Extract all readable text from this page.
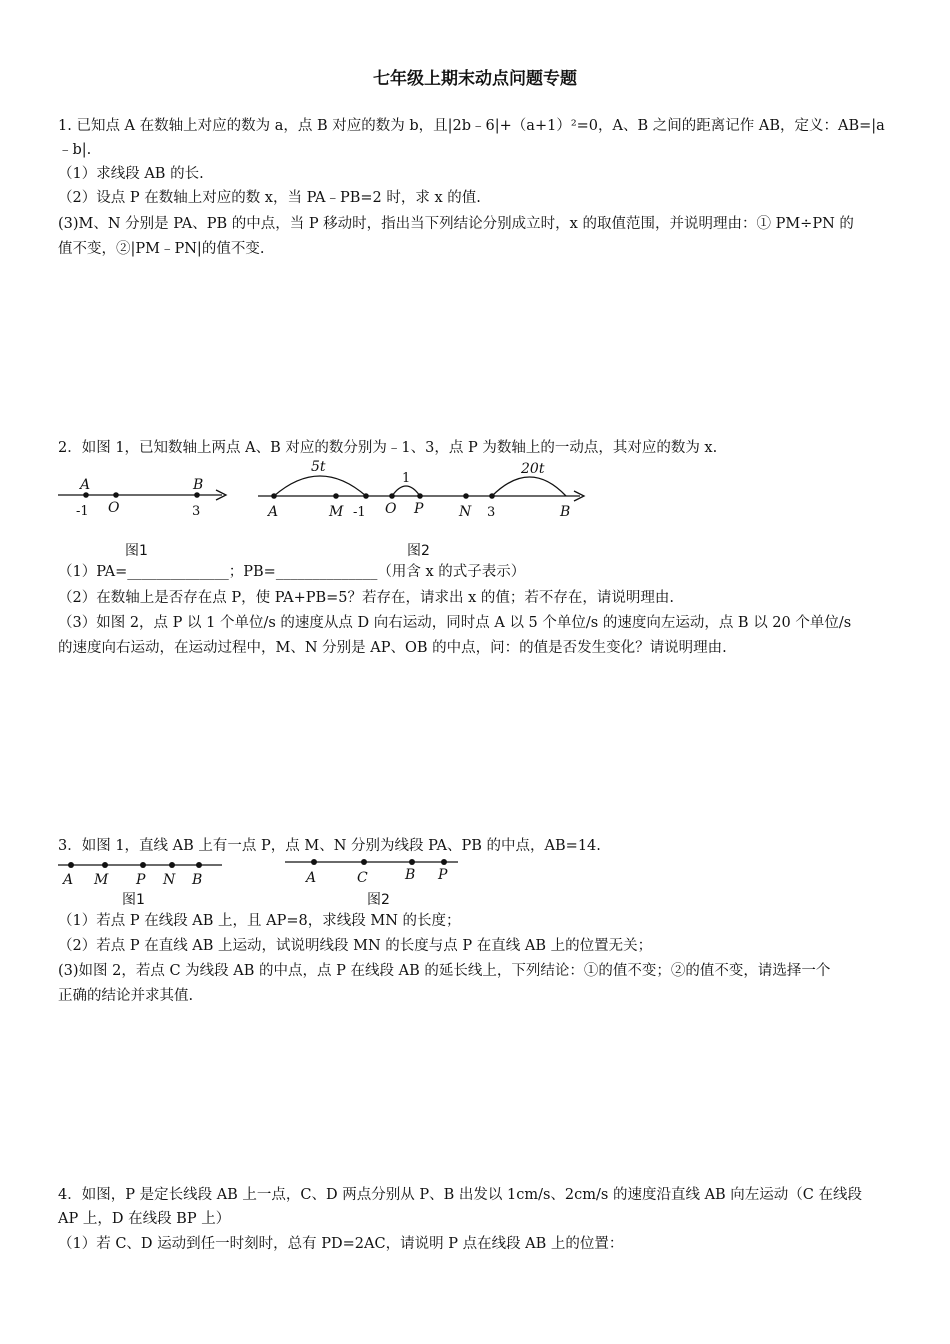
七年级上期末动点问题专题
1. 已知点 A 在数轴上对应的数为 a，点 B 对应的数为 b，且|2b﹣6|+（a+1）²=0，A、B 之间的距离记作 AB，定义：AB=|a
﹣b|.
（1）求线段 AB 的长.
（2）设点 P 在数轴上对应的数 x，当 PA﹣PB=2 时，求 x 的值.
(3)M、N 分别是 PA、PB 的中点，当 P 移动时，指出当下列结论分别成立时，x 的取值范围，并说明理由：① PM÷PN 的
值不变，②|PM﹣PN|的值不变.
2．如图 1，已知数轴上两点 A、B 对应的数分别为﹣1、3，点 P 为数轴上的一动点，其对应的数为 x.
A
O
B
-1	3
图1
5t
1
20t
A	M -1 O P	N 3	B
图2
（1）PA=______________；PB=______________（用含 x 的式子表示）
（2）在数轴上是否存在点 P，使 PA+PB=5？若存在，请求出 x 的值；若不存在，请说明理由.
（3）如图 2，点 P 以 1 个单位/s 的速度从点 D 向右运动，同时点 A 以 5 个单位/s 的速度向左运动，点 B 以 20 个单位/s
的速度向右运动，在运动过程中，M、N 分别是 AP、OB 的中点，问：的值是否发生变化？请说明理由.
3．如图 1，直线 AB 上有一点 P，点 M、N 分别为线段 PA、PB 的中点，AB=14.
A M P N B
图1
A	C	B P
图2
（1）若点 P 在线段 AB 上，且 AP=8，求线段 MN 的长度；
（2）若点 P 在直线 AB 上运动，试说明线段 MN 的长度与点 P 在直线 AB 上的位置无关；
(3)如图 2，若点 C 为线段 AB 的中点，点 P 在线段 AB 的延长线上，下列结论：①的值不变；②的值不变，请选择一个
正确的结论并求其值.
4．如图，P 是定长线段 AB 上一点，C、D 两点分别从 P、B 出发以 1cm/s、2cm/s 的速度沿直线 AB 向左运动（C 在线段
AP 上，D 在线段 BP 上）
（1）若 C、D 运动到任一时刻时，总有 PD=2AC，请说明 P 点在线段 AB 上的位置：
